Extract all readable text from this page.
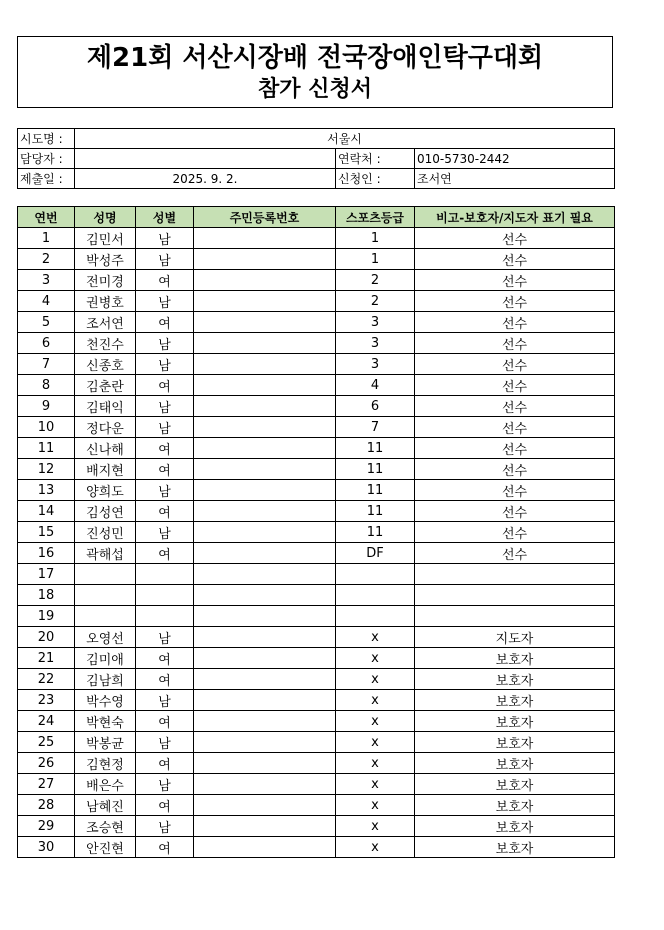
제21회 서산시장배 전국장애인탁구대회
참가 신청서
시도명 :	서울시		
담당자 :		연락처 :	010-5730-2442
제출일 :	2025. 9. 2.	신청인 :	조서연
연번	성명	성별	주민등록번호	스포츠등급	비고-보호자/지도자 표기 필요
1	김민서	남		1	선수
2	박성주	남		1	선수
3	전미경	여		2	선수
4	권병호	남		2	선수
5	조서연	여		3	선수
6	천진수	남		3	선수
7	신종호	남		3	선수
8	김춘란	여		4	선수
9	김태익	남		6	선수
10	정다운	남		7	선수
11	신나해	여		11	선수
12	배지현	여		11	선수
13	양희도	남		11	선수
14	김성연	여		11	선수
15	진성민	남		11	선수
16	곽해섭	여		DF	선수
17					
18					
19					
20	오영선	남		x	지도자
21	김미애	여		x	보호자
22	김남희	여		x	보호자
23	박수영	남		x	보호자
24	박현숙	여		x	보호자
25	박봉균	남		x	보호자
26	김현정	여		x	보호자
27	배은수	남		x	보호자
28	남혜진	여		x	보호자
29	조승현	남		x	보호자
30	안진현	여		x	보호자
